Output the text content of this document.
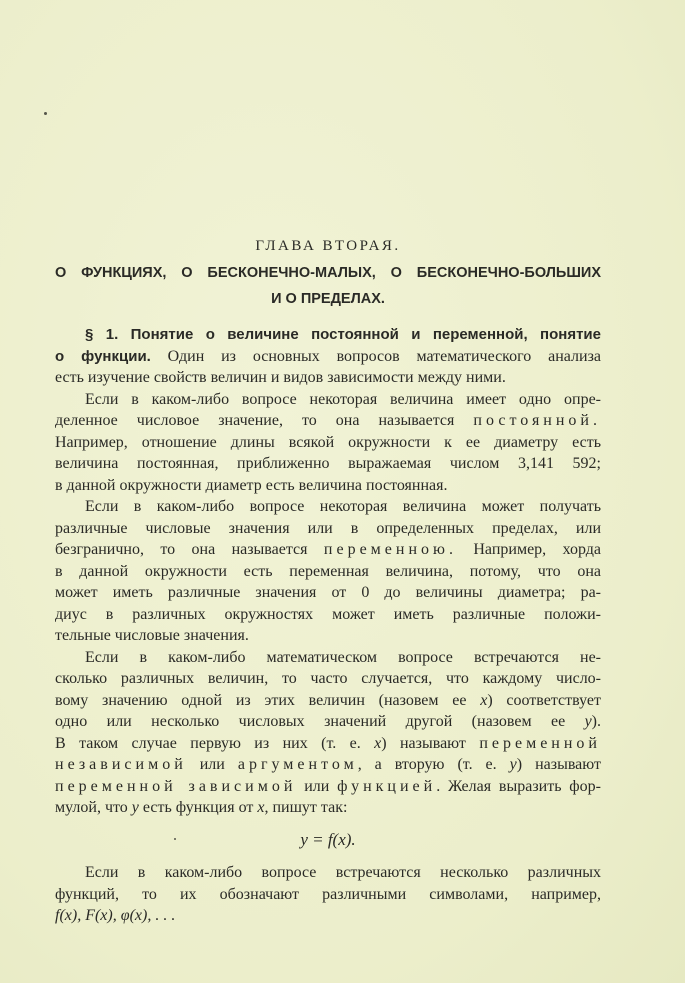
ГЛАВА ВТОРАЯ.
О ФУНКЦИЯХ, О БЕСКОНЕЧНО-МАЛЫХ, О БЕСКОНЕЧНО-БОЛЬШИХ
И О ПРЕДЕЛАХ.
§ 1. Понятие о величине постоянной и переменной, понятие
о функции. Один из основных вопросов математического анализа
есть изучение свойств величин и видов зависимости между ними.
Если в каком-либо вопросе некоторая величина имеет одно опре-
деленное числовое значение, то она называется постоянной.
Например, отношение длины всякой окружности к ее диаметру есть
величина постоянная, приближенно выражаемая числом 3,141 592;
в данной окружности диаметр есть величина постоянная.
Если в каком-либо вопросе некоторая величина может получать
различные числовые значения или в определенных пределах, или
безгранично, то она называется переменною. Например, хорда
в данной окружности есть переменная величина, потому, что она
может иметь различные значения от 0 до величины диаметра; ра-
диус в различных окружностях может иметь различные положи-
тельные числовые значения.
Если в каком-либо математическом вопросе встречаются не-
сколько различных величин, то часто случается, что каждому число-
вому значению одной из этих величин (назовем ее x) соответствует
одно или несколько числовых значений другой (назовем ее y).
В таком случае первую из них (т. е. x) называют переменной
независимой или аргументом, а вторую (т. е. y) называют
переменной зависимой или функцией. Желая выразить фор-
мулой, что y есть функция от x, пишут так:
y = f(x).
Если в каком-либо вопросе встречаются несколько различных
функций, то их обозначают различными символами, например,
f(x), F(x), φ(x), . . .
